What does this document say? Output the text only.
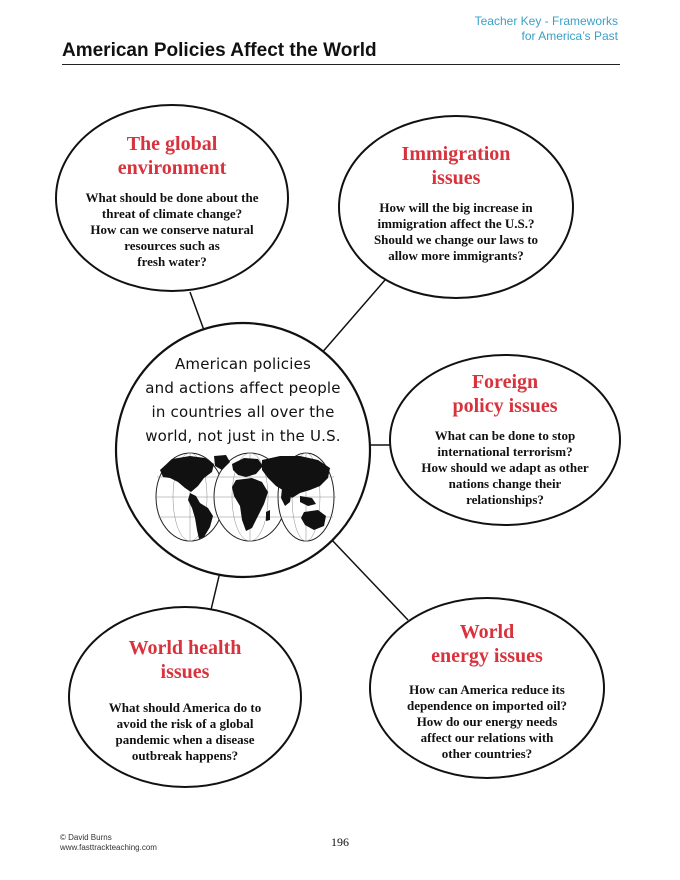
Teacher Key - Frameworks
for America’s Past
American Policies Affect the World
American policies
and actions affect people
in countries all over the
world, not just in the U.S.
The global
environment
What should be done about the
threat of climate change?
How can we conserve natural
resources such as
fresh water?
Immigration
issues
How will the big increase in
immigration affect the U.S.?
Should we change our laws to
allow more immigrants?
Foreign
policy issues
What can be done to stop
international terrorism?
How should we adapt as other
nations change their
relationships?
World health
issues
What should America do to
avoid the risk of a global
pandemic when a disease
outbreak happens?
World
energy issues
How can America reduce its
dependence on imported oil?
How do our energy needs
affect our relations with
other countries?
© David Burns
www.fasttrackteaching.com	196
